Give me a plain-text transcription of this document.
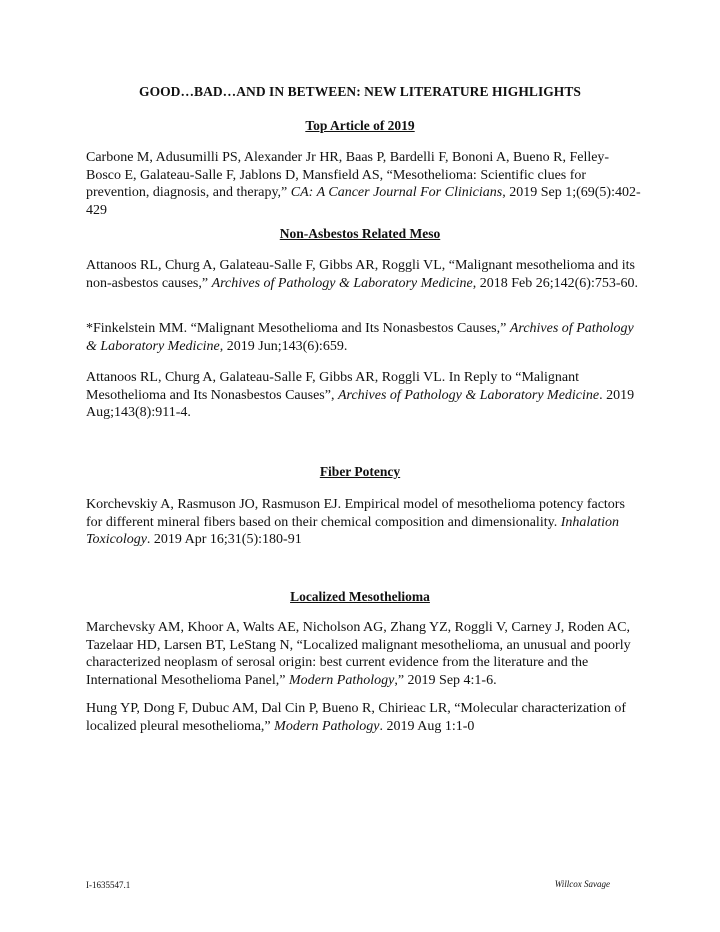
GOOD…BAD…AND IN BETWEEN: NEW LITERATURE HIGHLIGHTS
Top Article of 2019
Carbone M, Adusumilli PS, Alexander Jr HR, Baas P, Bardelli F, Bononi A, Bueno R, Felley-Bosco E, Galateau-Salle F, Jablons D, Mansfield AS, “Mesothelioma: Scientific clues for prevention, diagnosis, and therapy,” CA: A Cancer Journal For Clinicians, 2019 Sep 1;(69(5):402-429
Non-Asbestos Related Meso
Attanoos RL, Churg A, Galateau-Salle F, Gibbs AR, Roggli VL, “Malignant mesothelioma and its non-asbestos causes,” Archives of Pathology & Laboratory Medicine, 2018 Feb 26;142(6):753-60.
*Finkelstein MM. “Malignant Mesothelioma and Its Nonasbestos Causes,” Archives of Pathology & Laboratory Medicine, 2019 Jun;143(6):659.
Attanoos RL, Churg A, Galateau-Salle F, Gibbs AR, Roggli VL. In Reply to “Malignant Mesothelioma and Its Nonasbestos Causes”, Archives of Pathology & Laboratory Medicine. 2019 Aug;143(8):911-4.
Fiber Potency
Korchevskiy A, Rasmuson JO, Rasmuson EJ. Empirical model of mesothelioma potency factors for different mineral fibers based on their chemical composition and dimensionality. Inhalation Toxicology. 2019 Apr 16;31(5):180-91
Localized Mesothelioma
Marchevsky AM, Khoor A, Walts AE, Nicholson AG, Zhang YZ, Roggli V, Carney J, Roden AC, Tazelaar HD, Larsen BT, LeStang N, “Localized malignant mesothelioma, an unusual and poorly characterized neoplasm of serosal origin: best current evidence from the literature and the International Mesothelioma Panel,” Modern Pathology,” 2019 Sep 4:1-6.
Hung YP, Dong F, Dubuc AM, Dal Cin P, Bueno R, Chirieac LR, “Molecular characterization of localized pleural mesothelioma,” Modern Pathology. 2019 Aug 1:1-0
I-1635547.1	Willcox Savage
